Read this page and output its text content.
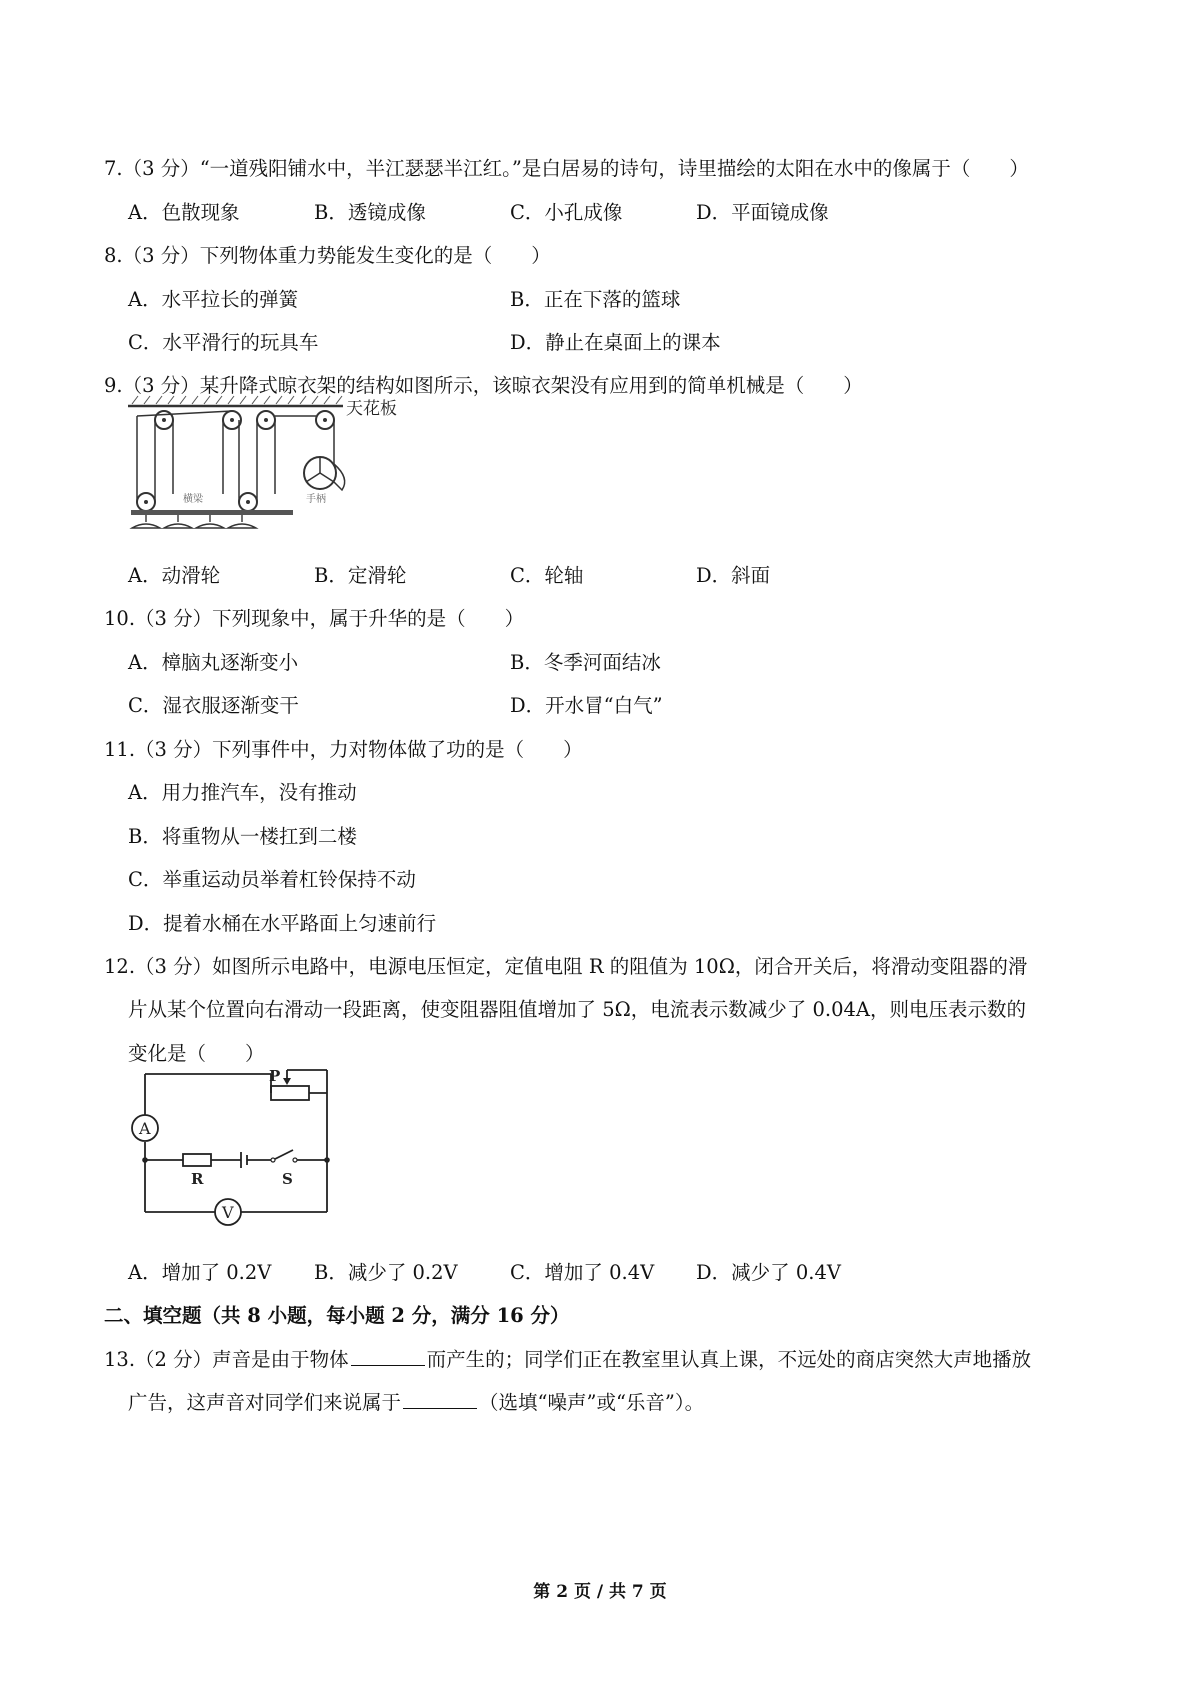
7.（3 分）“一道残阳铺水中，半江瑟瑟半江红。”是白居易的诗句，诗里描绘的太阳在水中的像属于（　　）
A．色散现象	B．透镜成像	C．小孔成像	D．平面镜成像
8.（3 分）下列物体重力势能发生变化的是（　　）
A．水平拉长的弹簧	B．正在下落的篮球
C．水平滑行的玩具车	D．静止在桌面上的课本
9.（3 分）某升降式晾衣架的结构如图所示，该晾衣架没有应用到的简单机械是（　　）
天花板
手柄
横梁
A．动滑轮	B．定滑轮	C．轮轴	D．斜面
10.（3 分）下列现象中，属于升华的是（　　）
A．樟脑丸逐渐变小	B．冬季河面结冰
C．湿衣服逐渐变干	D．开水冒“白气”
11.（3 分）下列事件中，力对物体做了功的是（　　）
A．用力推汽车，没有推动
B．将重物从一楼扛到二楼
C．举重运动员举着杠铃保持不动
D．提着水桶在水平路面上匀速前行
12.（3 分）如图所示电路中，电源电压恒定，定值电阻 R 的阻值为 10Ω，闭合开关后，将滑动变阻器的滑
片从某个位置向右滑动一段距离，使变阻器阻值增加了 5Ω，电流表示数减少了 0.04A，则电压表示数的
变化是（　　）
P
A
R	S
V
A．增加了 0.2V B．减少了 0.2V	C．增加了 0.4V D．减少了 0.4V
二、填空题（共 8 小题，每小题 2 分，满分 16 分）
13.（2 分）声音是由于物体	而产生的；同学们正在教室里认真上课，不远处的商店突然大声地播放
广告，这声音对同学们来说属于	（选填“噪声”或“乐音”）。
第 2 页 / 共 7 页
